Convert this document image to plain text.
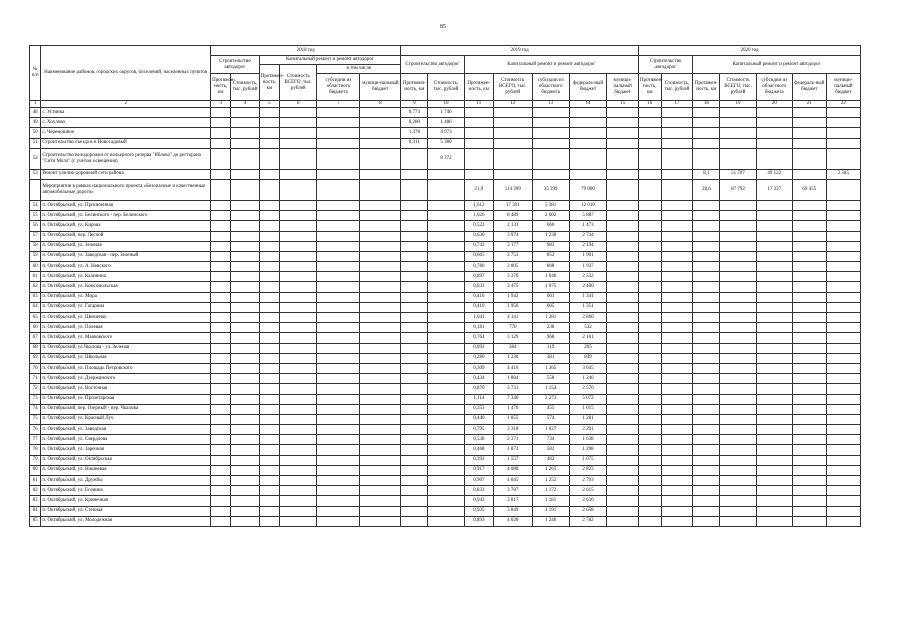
85
№ п/п	Наименование районов, городских округов, поселений, населенных пунктов	2018 год						2019 год							2020 год						
		Строительство автодорог		Капитальный ремонт и ремонт автодорог				Строительство автодорог		Капитальный ремонт и ремонт автодорог					Строительство автодорог		Капитальный ремонт и ремонт автодорог				
				Протяжен-ность, км	Стоимость ВСЕГО, тыс. рублей	в том числе															
		Протяжен-ность, км	Стоимость, тыс. рублей			субсидии из областного бюджета	муници-пальный бюджет	Протяжен-ность, км	Стоимость, тыс. рублей	Протяжен-ность, км	Стоимость ВСЕГО, тыс. рублей	субсидии из областного бюджета	федераль-ный бюджет	муници-пальный бюджет	Протяжен-ность, км	Стоимость, тыс. рублей	Протяжен-ность, км	Стоимость ВСЕГО, тыс. рублей	субсидии из областного бюджета	федераль-ный бюджет	муници-пальный бюджет
1	2	3	4	5	6	7	8	9	10	11	12	13	14	15	16	17	18	19	20	21	22
48	с. Устинка							0,774	1 746												
49	с. Хохлово							0,280	1 486												
50	с. Черемошное							1,378	4 973												
51	Строительство съезда в п.Новосадовый							0,311	5 380												
52	Строительство велодорожки от вольерного резерва "Яблоко" до ресторана "Сити Молл" (с учетом освещения)								8 372												
53	Ремонт улично-дорожной сети района																8,1	51 707	49 122		2 585
	Мероприятия в рамках национального проекта «Безопасные и качественные автомобильные дороги»									21,9	114 399	35 399	79 000				28,6	87 792	17 337	69 455	
54	п. Октябрьский, ул. Присвоенная									1,612	17 391	5 381	12 010								
55	п. Октябрьский, ул. Белинского - пер. Белинского									1,026	8 489	2 602	5 887								
56	п. Октябрьский, ул. Кирова									0,522	2 133	660	1 473								
57	п. Октябрьский, пер. Лесной									0,630	3 974	1 230	2 744								
58	п. Октябрьский, ул. Зеленая									0,743	3 177	983	2 194								
59	п. Октябрьский, ул. Заводская - пер. Зеленый									0,665	2 753	852	1 901								
60	п. Октябрьский, ул. А. Невского									0,780	2 805	868	1 937								
61	п. Октябрьский, ул. Калинина									0,897	3 376	1 046	2 332								
62	п. Октябрьский, ул. Комсомольская									0,833	3 475	1 075	2 400								
63	п. Октябрьский, ул. Мира									0,416	1 942	601	1 341								
64	п. Октябрьский, ул. Гагарина									0,410	1 956	605	1 351								
65	п. Октябрьский, ул. Шевченко									1,041	4 141	1 281	2 860								
66	п. Октябрьский, ул. Полевая									0,181	770	238	532								
67	п. Октябрьский, ул. Маяковского									0,764	3 129	968	2 161								
68	п. Октябрьский, ул.Чкалова - ул. Зеленая									0,093	384	119	265								
69	п. Октябрьский, ул. Школьная									0,280	1 230	381	849								
70	п. Октябрьский, ул. Площадь Петровского									0,309	4 410	1 365	3 045								
71	п. Октябрьский, ул. Дзержинского									0,434	1 804	558	1 246								
72	п. Октябрьский, ул. Восточная									0,870	3 731	1 154	2 576								
73	п. Октябрьский, ул. Пролетарская									1,114	7 346	2 273	5 072								
74	п. Октябрьский, пер. Озерный - пер. Чкалова									0,353	1 470	455	1 015								
75	п. Октябрьский, ул. Красный Луч									0,440	1 855	574	1 281								
76	п. Октябрьский, ул. Заводская									0,795	3 318	1 027	2 291								
77	п. Октябрьский, ул. Свердлова									0,538	2 371	734	1 638								
78	п. Октябрьский, ул. Заречная									0,468	1 873	582	1 298								
79	п. Октябрьский, ул. Октябрьская									0,393	1 557	482	1 075								
80	п. Октябрьский, ул. Вишневая									0,917	4 088	1 265	2 823								
81	п. Октябрьский, ул. Дружбы									0,907	4 045	1 252	2 793								
82	п. Октябрьский, ул. Есенина									0,833	3 787	1 172	2 615								
83	п. Октябрьский, ул. Кринечная									0,943	3 817	1 181	2 636								
84	п. Октябрьский, ул. Степная									0,935	3 849	1 191	2 658								
85	п. Октябрьский, ул. Молодежная									0,893	4 028	1 246	2 782								
